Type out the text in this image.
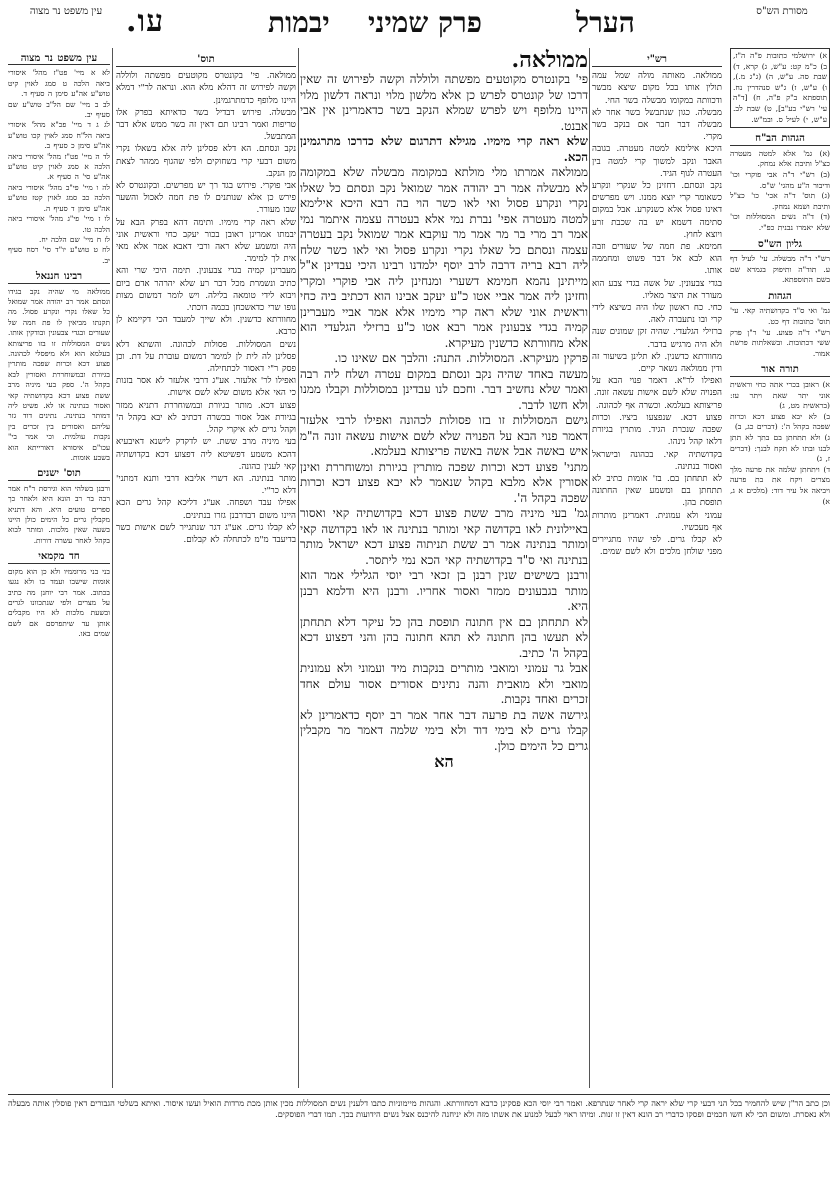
מסורת הש"ס
הערל
פרק שמיני
יבמות
עו.
עין משפט נר מצוה

א) ירושלמי כתובות פ"ה ה"ז, ב) כ"מ קט: ע"ש, ג) קרא, ד) שבת סה. ע"ש, ה) (ג"ג מ.), ו) ע"ש, ז) ג"ש סנהדרין נח. תוספתא ב"ק פ"ה, ח) [ד"ה עי' רש"י בע"ב], ט) שבת לב. ע"ש, י) לעיל ס. ובמ"ש.

הגהות הב"ח

(א) גמ' אלא למטה מעטרה כצ"ל ותיבת אלא נמחק.

(ב) רש"י ד"ה אבי פוקרי וכו' ודיבור ה"ע מהגי' ש"ס.

(ג) תוס' ד"ה אכי' כו' כצ"ל ותיבת ושמא נמחק.

(ד) ד"ה נשים המסוללות וכו' שלא יאמרו נבנית כפ"י.

גליון הש"ס

רש"י ד"ה מבשלה. עי' לעיל דף ע. תוד"ה ותיפוק בגמרא שם בשם התוספתא.

הגהות

גמ' ואי ס"ד בקדושתיה קאי. עי' תוס' כתובות דף כט.

רש"י ד"ה פצוע. עי' ר"ן פרק ששי דכתובות. ובשאלתות פרשת אמור.

תורה אור

א) ראובן בכרי אתה כחי וראשית אוני יתר שאת ויתר עז: (בראשית מט, ג)

ב) לא יבא פצוע דכא וכרות שפכה בקהל ה': (דברים כג, ב)

ג) ולא תתחתן בם בתך לא תתן לבנו ובתו לא תקח לבנך: (דברים ז, ג)

ד) ויתחתן שלמה את פרעה מלך מצרים ויקח את בת פרעה ויביאה אל עיר דוד: (מלכים א ג, א)

רש"י

ממולאה. מאותה מולה שמל עמה תולין אותו בכל מקום שיצא מבשר ודכוותה במקומו מבשלה בשר החי.

מבשלה. כגון שנתבשל בשר אחר לא מבשלה דבר חבר אם בנקב בשר מקרי.

היכא אילימא למטה מעטרה. בגובה האבר ונקב למשוך קרי למטה בין העטרה לגוף הגיד.

נקב ונסתם. דחזינן כל שנקרי ונקרע כשאומר קרי יוצא ממנו. ויש מפרשים דאינו פסול אלא כשנקרע. אבל במקום סתימה דשמא יש בה שכבת זרע ויוצא לחוץ.

חמימא. פת חמה של שעורים וזבה הוא לבא אל דבר פשוט ומחממה אותו.

בגדי צבעונין. של אשה בגדי צבע הוא מעורר את היצר מאליו.

כחי. כח ראשון שלו היה כשיצא לידי קרי ובו נתעברה לאה.

ברזילי הגלעדי. שהיה זקן שמונים שנה ולא היה מרגיש בדבר.

מחוורתא כדשנין. לא תלינן בשיעור זה ודין ממולאה נשאר קיים.

ואפילו לר"א. דאמר פנוי הבא על הפנויה שלא לשם אישות עשאה זונה.

פריצותא בעלמא. וכשרה אף לכהונה.

פצוע דכא. שנפצעו ביציו. וכרות שפכה שנכרת הגיד. מותרין בגיורת דלאו קהל נינהו.

בקדושתיה קאי. בכהונה ובישראל ואסור בנתינה.

לא תתחתן בם. בז' אומות כתיב לא תתחתן בם ומשמע שאין החתונה תופסת בהן.

עמוני ולא עמונית. דאמרינן מותרות אף מעכשיו.

לא קבלו גרים. לפי שהיו מתגיירים מפני שולחן מלכים ולא לשם שמים.

ממולאה.

פי' בקונטרס מקוטעים מפשתה ולוללה וקשה לפירוש זה שאין דרכו של קונטרס לפרש כן אלא מלשון מלוי ונראה דלשון מלוי היינו מלופף ויש לפרש שמלא הנקב בשר כדאמרינן אין אבי אבנט.

שלא ראה קרי מימיו. מגילא דתרגום שלא כדרכו מתרגמינן הכא.

ממולאה אמרתו מלי מולתא במקומה מבשלה שלא במקומה לא מבשלה אמר רב יהודה אמר שמואל נקב ונסתם כל שאלו נקרי ונקרע פסול ואי לאו כשר הוי בה רבא היכא אילימא למטה מעטרה אפי' נברת נמי אלא בעטרה עצמה איתמר נמי אמר רב מרי בר מר אמר מר עוקבא אמר שמואל נקב בעטרה עצמה ונסתם כל שאלו נקרי ונקרע פסול ואי לאו כשר שלח ליה רבא בריה דרבה לרב יוסף ילמדנו רבינו היכי עבדינן א"ל מייתינן נהמא חמימא דשערי ומנחינן ליה אבי פוקרי ומקרי וחזינן ליה אמר אביי אטו כ"ע יעקב אבינו הוא דכתיב ביה כחי וראשית אוני שלא ראה קרי מימיו אלא אמר אביי מעברינן קמיה בגדי צבעונין אמר רבא אטו כ"ע ברזילי הגלעדי הוא אלא מחוורתא כדשנין מעיקרא.

פרקין מעיקרא. המסוללות. התנה: והלבך אם שאינו כו.

מעשה באחד שהיה נקב ונסתם במקום עטרה ושלח ליה רבה ואמר שלא נחשיב דבר. וחכם לנו עבדינן במסוללות וקבלו ממנו ולא חשו לדבר.

גישם המסוללות זו בזו פסולות לכהונה ואפילו לרבי אלעזר דאמר פנוי הבא על הפנויה שלא לשם אישות עשאה זונה ה"מ איש באשה אבל אשה באשה פריצותא בעלמא.

מתני' פצוע דכא וכרות שפכה מותרין בגיורת ומשוחררת ואינן אסורין אלא מלבא בקהל שנאמר לא יבא פצוע דכא וכרות שפכה בקהל ה'.

גמ' בעי מיניה מרב ששת פצוע דכא בקדושתיה קאי ואסור באיילונית לאו בקדושה קאי ומותר בנתינה או לאו בקדושה קאי ומותר בנתינה אמר רב ששת תניתוה פצוע דכא ישראל מותר בנתינה ואי ס"ד בקדושתיה קאי הכא נמי ליתסר.

ורבנן בשישים שנין רבנן בן זכאי רבי יוסי הגלילי אמר הוא מותר בגבעונים ממזר ואסור אחריו. ורבנן היא ודלמא רבנן היא.

לא תתחתן בם אין חתונה תופסת בהן כל עיקר דלא תתחתן לא תעשו בהן חתונה לא תהא חתונה בהן והני דפצוע דכא בקהל ה' כתיב.

אבל גר עמוני ומואבי מותרים בנקבות מיד ועמוני ולא עמונית מואבי ולא מואבית והנה נתינים אסורים אסור עולם אחד זכרים ואחד נקבות.

גירשה אשה בת פרעה דבר אחר אמר רב יוסף כדאמרינן לא קבלו גרים לא בימי דוד ולא בימי שלמה דאמר מר מקבלין גרים כל הימים כולן.

הא

תוס'

ממולאה. פי' בקונטרס מקוטעים מפשתה ולוללה וקשה לפירוש זה דהלא מלא הוא. ונראה לר"י דמלא היינו מלופף כדמתרגמינן.

מבשלה. פירוש דבדיל בשר כדאיתא בפרק אלו טריפות ואמר רבינו תם דאין זה בשר ממש אלא דבר המתבשל.

נקב ונסתם. הא דלא פסלינן ליה אלא בשאלו נקרי משום דבעי קרי בשחוקים ולפי שהגוף ממהר לצאת מן הנקב.

אבי פוקרי. פירוש בגד רך יש מפרשים. ובקונטרס לא פירש כן אלא שנותנים לו פת חמה לאכול והשער שבו מעורר.

שלא ראה קרי מימיו. ותימה דהא בפרק הבא על יבמתו אמרינן ראובן בכור יעקב כחי וראשית אוני היה ומשמע שלא ראה ורבי דאבא אמר אלא מאי אית לך למימר.

מעברינן קמיה בגדי צבעונין. תימה היכי שרי והא כתיב ונשמרת מכל דבר רע שלא יהרהר אדם ביום ויבוא לידי טומאה בלילה. ויש לומר דמשום מצות גופו שרי כדאשכחן בכמה דוכתי.

מחוורתא כדשנין. ולא שייך למעבד הכי דקיימא לן כרבא.

נשים המסוללות. פסולות לכהונה. והשתא דלא פסלינן לה לית לן למימר דמשום עוברת על דת. וכן פסק ר"י דאסור לכתחילה.

ואפילו לר' אלעזר. אע"ג דרבי אלעזר לא אסר בזנות כי האי אלא משום שלא לשם אישות.

פצוע דכא. מותר בגיורת ובמשוחררת דתניא ממזר בגיורת אבל אסור בכשרה דכתיב לא יבא בקהל ה' וקהל גרים לא איקרי קהל.

בעי מיניה מרב ששת. יש לדקדק לישנא דאיבעיא דהכא משמע דפשיטא ליה דפצוע דכא בקדושתיה קאי לענין כהונה.

מותר בנתינה. הא דשרי אליבא דרבי ותנא דמתני' דלא כר"י.

אפילו עבד ושפחה. אע"ג דליכא קהל גרים הכא היינו משום דבדרבנן גזרו בנתינים.

לא קבלו גרים. אע"ג דגר שנתגייר לשם אישות כשר בדיעבד מ"מ לכתחלה לא קבלום.

עין משפט נר מצוה

לא א מיי' פט"ז מהל' איסורי ביאה הלכה ט סמג לאוין קיט טוש"ע אה"ע סימן ה סעיף ד.

לב ב מיי' שם הל"ב טוש"ע שם סעיף יב.

לג ג ד מיי' פכ"א מהל' איסורי ביאה הל"ח סמג לאוין קכו טוש"ע אה"ע סימן כ סעיף ב.

לד ה מיי' פט"ז מהל' איסורי ביאה הלכה א סמג לאוין קיט טוש"ע אה"ע סי' ה סעיף א.

לה ו מיי' פי"ב מהל' איסורי ביאה הלכה כב סמג לאוין קטז טוש"ע אה"ע סימן ד סעיף ה.

לו ז מיי' פי"ג מהל' איסורי ביאה הלכה טו.

לז ח מיי' שם הלכה יח.

לח ט טוש"ע יו"ד סי' רסח סעיף יב.

רבינו חננאל

ממולאה מי שהיה נקב בגידו ונסתם אמר רב יהודה אמר שמואל כל שאלו נקרי ונקרע פסול. מה תקנתו מביאין לו פת חמה של שעורים ובגדי צבעונין ובודקין אותו. נשים המסוללות זו בזו פריצותא בעלמא הוא ולא מיפסלי לכהונה. פצוע דכא וכרות שפכה מותרין בגיורת ובמשוחררת ואסורין לבא בקהל ה'. ספק בעי מיניה מרב ששת פצוע דכא בקדושתיה קאי ואסור בנתינה או לא. פשיט ליה דמותר בנתינה. נתינים דוד גזר עליהם ואסורים בין זכרים בין נקבות עולמית. וכי אמר בי" עכו"ם איסורא דאורייתא הוא בשבע אומות.

תוס' ישנים

ורבנן בשלהי הוא וגירסת ר"ח אמר רבה בר רב הונא היא ולאחר כך ספרים טועים היא. והא דתניא מקבלין גרים כל הימים כולן היינו בשעה שאין מלכות. ומותר לבוא בקהל לאחר עשרה דורות.

חד מקמאי

בני בני מרוממיו ולא כן הוא מקום אומות שישבו ועמד בו ולא נגעו בכתוב. אמר רבי יוחנן מה כתיב על מצרים ולפי שנתכוונו לגרים ובשעת מלכות לא היו מקבלים אותן עד שיתפרסם אם לשם שמים באו.

וכן כתב הר"ן שיש להחמיר בכל הני דבעי קרי שלא יראה קרי לאחר שנתרפא. ואמר רבי יוסי הכא פסקינן כרבא דמחוורתא. והגהות מיימוניות כתבו דלענין נשים המסוללות מכין אותן מכת מרדות הואיל ועשו איסור. ואיתא בשלטי הגבורים דאין פוסלין אותה מבעלה ולא נאסרת. ומשום הכי לא חשו חכמים ופסקו כדברי רב הונא דאין זו זנות. ומיהו ראוי לבעל למנוע את אשתו מזה ולא יניחנה להיכנס אצל נשים הידועות בכך. תמו דברי הפוסקים.
